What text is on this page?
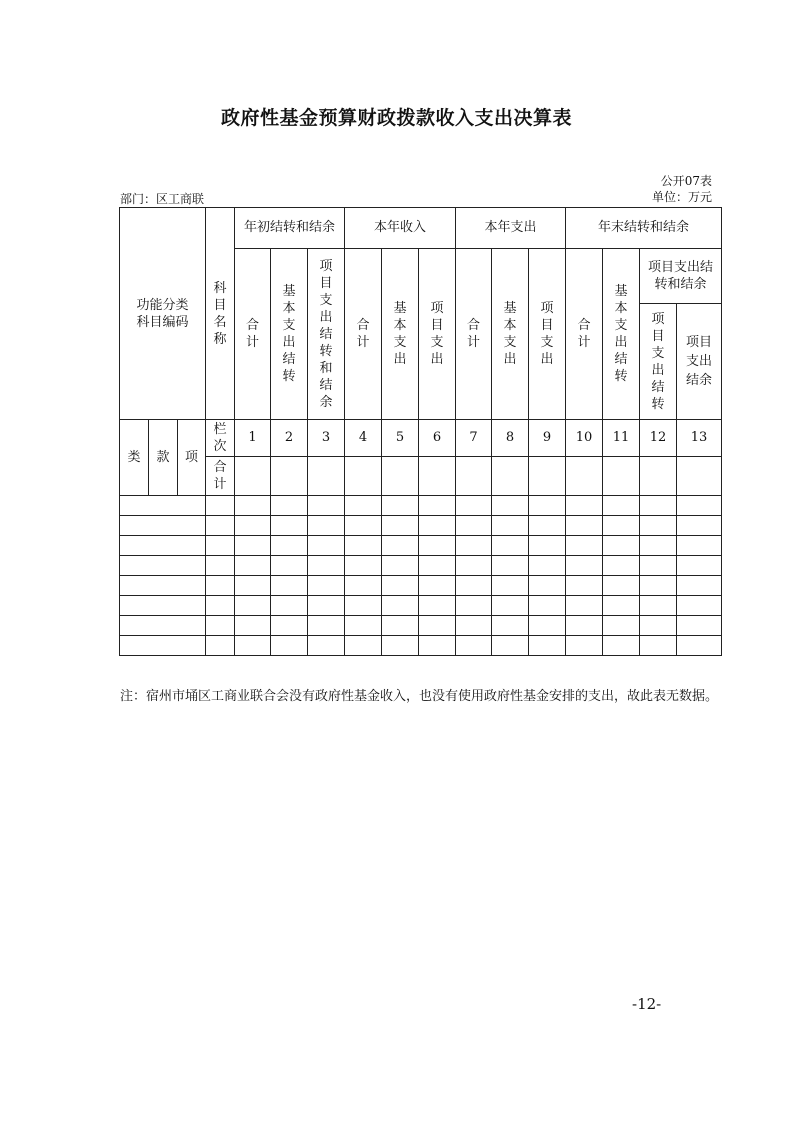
政府性基金预算财政拨款收入支出决算表
公开07表
单位：万元
部门：区工商联
功能分类科目编码			科目名称	年初结转和结余			本年收入			本年支出			年末结转和结余			

				合计	基本支出结转	项目支出结转和结余	合计	基本支出	项目支出	合计	基本支出	项目支出	合计	基本支出结转	项目支出结转和结余	

															项目支出结转	项目支出结余

类	款	项	栏次	1	2	3	4	5	6	7	8	9	10	11	12	13

			合计													

注：宿州市埇区工商业联合会没有政府性基金收入，也没有使用政府性基金安排的支出，故此表无数据。
-12-
